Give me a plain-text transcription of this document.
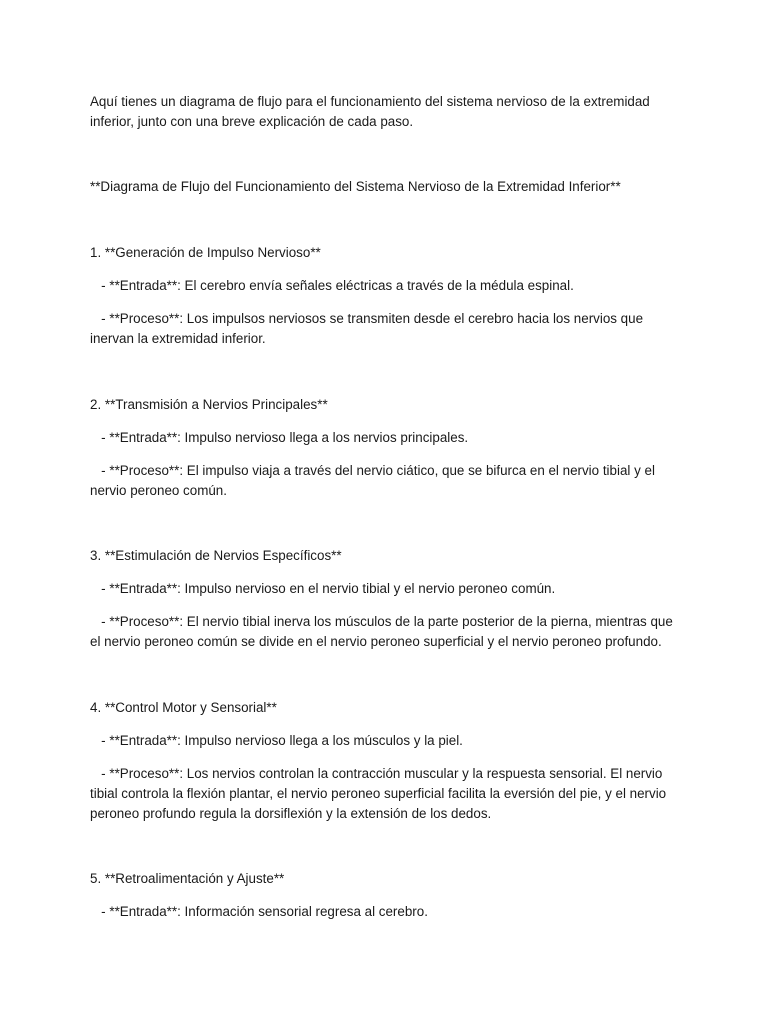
Aquí tienes un diagrama de flujo para el funcionamiento del sistema nervioso de la extremidad inferior, junto con una breve explicación de cada paso.

**Diagrama de Flujo del Funcionamiento del Sistema Nervioso de la Extremidad Inferior**

1. **Generación de Impulso Nervioso**

- **Entrada**: El cerebro envía señales eléctricas a través de la médula espinal.

- **Proceso**: Los impulsos nerviosos se transmiten desde el cerebro hacia los nervios que inervan la extremidad inferior.

2. **Transmisión a Nervios Principales**

- **Entrada**: Impulso nervioso llega a los nervios principales.

- **Proceso**: El impulso viaja a través del nervio ciático, que se bifurca en el nervio tibial y el nervio peroneo común.

3. **Estimulación de Nervios Específicos**

- **Entrada**: Impulso nervioso en el nervio tibial y el nervio peroneo común.

- **Proceso**: El nervio tibial inerva los músculos de la parte posterior de la pierna, mientras que el nervio peroneo común se divide en el nervio peroneo superficial y el nervio peroneo profundo.

4. **Control Motor y Sensorial**

- **Entrada**: Impulso nervioso llega a los músculos y la piel.

- **Proceso**: Los nervios controlan la contracción muscular y la respuesta sensorial. El nervio tibial controla la flexión plantar, el nervio peroneo superficial facilita la eversión del pie, y el nervio peroneo profundo regula la dorsiflexión y la extensión de los dedos.

5. **Retroalimentación y Ajuste**

- **Entrada**: Información sensorial regresa al cerebro.
